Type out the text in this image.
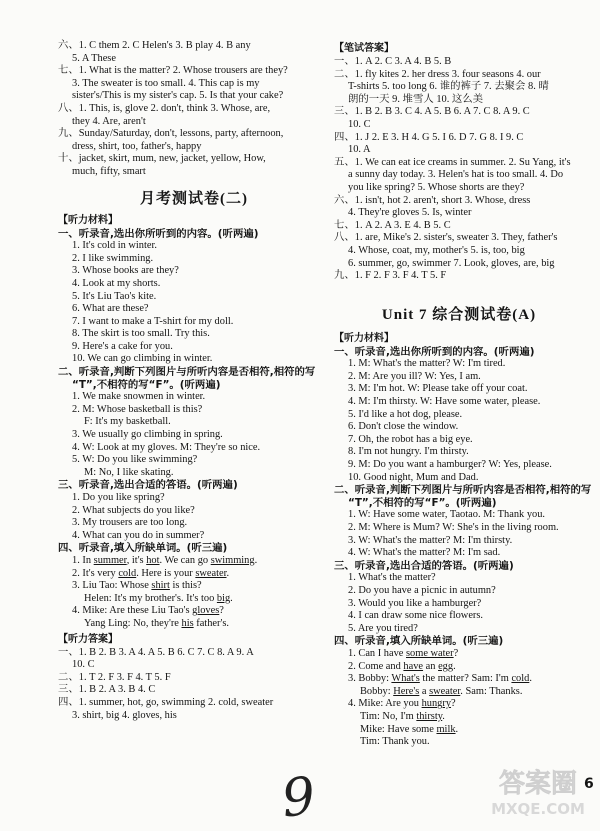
六、1. C them 2. C Helen's 3. B play 4. B any
5. A These
七、1. What is the matter? 2. Whose trousers are they?
3. The sweater is too small. 4. This cap is my
sister's/This is my sister's cap. 5. Is that your cake?
八、1. This, is, glove 2. don't, think 3. Whose, are,
they 4. Are, aren't
九、Sunday/Saturday, don't, lessons, party, afternoon,
dress, shirt, too, father's, happy
十、jacket, skirt, mum, new, jacket, yellow, How,
much, fifty, smart
月考测试卷(二)
【听力材料】
一、听录音,选出你所听到的内容。(听两遍)
1. It's cold in winter.
2. I like swimming.
3. Whose books are they?
4. Look at my shorts.
5. It's Liu Tao's kite.
6. What are these?
7. I want to make a T-shirt for my doll.
8. The skirt is too small. Try this.
9. Here's a cake for you.
10. We can go climbing in winter.
二、听录音,判断下列图片与所听内容是否相符,相符的写
“T”,不相符的写“F”。(听两遍)
1. We make snowmen in winter.
2. M: Whose basketball is this?
F: It's my basketball.
3. We usually go climbing in spring.
4. W: Look at my gloves. M: They're so nice.
5. W: Do you like swimming?
M: No, I like skating.
三、听录音,选出合适的答语。(听两遍)
1. Do you like spring?
2. What subjects do you like?
3. My trousers are too long.
4. What can you do in summer?
四、听录音,填入所缺单词。(听三遍)
1. In summer, it's hot. We can go swimming.
2. It's very cold. Here is your sweater.
3. Liu Tao: Whose shirt is this?
Helen: It's my brother's. It's too big.
4. Mike: Are these Liu Tao's gloves?
Yang Ling: No, they're his father's.
【听力答案】
一、1. B 2. B 3. A 4. A 5. B 6. C 7. C 8. A 9. A
10. C
二、1. T 2. F 3. F 4. T 5. F
三、1. B 2. A 3. B 4. C
四、1. summer, hot, go, swimming 2. cold, sweater
3. shirt, big 4. gloves, his
【笔试答案】
一、1. A 2. C 3. A 4. B 5. B
二、1. fly kites 2. her dress 3. four seasons 4. our
T-shirts 5. too long 6. 谁的裤子 7. 去聚会 8. 晴
朗的一天 9. 堆雪人 10. 这么美
三、1. B 2. B 3. C 4. A 5. B 6. A 7. C 8. A 9. C
10. C
四、1. J 2. E 3. H 4. G 5. I 6. D 7. G 8. I 9. C
10. A
五、1. We can eat ice creams in summer. 2. Su Yang, it's
a sunny day today. 3. Helen's hat is too small. 4. Do
you like spring? 5. Whose shorts are they?
六、1. isn't, hot 2. aren't, short 3. Whose, dress
4. They're gloves 5. Is, winter
七、1. A 2. A 3. E 4. B 5. C
八、1. are, Mike's 2. sister's, sweater 3. They, father's
4. Whose, coat, my, mother's 5. is, too, big
6. summer, go, swimmer 7. Look, gloves, are, big
九、1. F 2. F 3. F 4. T 5. F
Unit 7 综合测试卷(A)
【听力材料】
一、听录音,选出你所听到的内容。(听两遍)
1. M: What's the matter? W: I'm tired.
2. M: Are you ill? W: Yes, I am.
3. M: I'm hot. W: Please take off your coat.
4. M: I'm thirsty. W: Have some water, please.
5. I'd like a hot dog, please.
6. Don't close the window.
7. Oh, the robot has a big eye.
8. I'm not hungry. I'm thirsty.
9. M: Do you want a hamburger? W: Yes, please.
10. Good night, Mum and Dad.
二、听录音,判断下列图片与所听内容是否相符,相符的写
“T”,不相符的写“F”。(听两遍)
1. W: Have some water, Taotao. M: Thank you.
2. M: Where is Mum? W: She's in the living room.
3. W: What's the matter? M: I'm thirsty.
4. W: What's the matter? M: I'm sad.
三、听录音,选出合适的答语。(听两遍)
1. What's the matter?
2. Do you have a picnic in autumn?
3. Would you like a hamburger?
4. I can draw some nice flowers.
5. Are you tired?
四、听录音,填入所缺单词。(听三遍)
1. Can I have some water?
2. Come and have an egg.
3. Bobby: What's the matter? Sam: I'm cold.
Bobby: Here's a sweater. Sam: Thanks.
4. Mike: Are you hungry?
Tim: No, I'm thirsty.
Mike: Have some milk.
Tim: Thank you.
9	答案圈
MXQE.COM
6
